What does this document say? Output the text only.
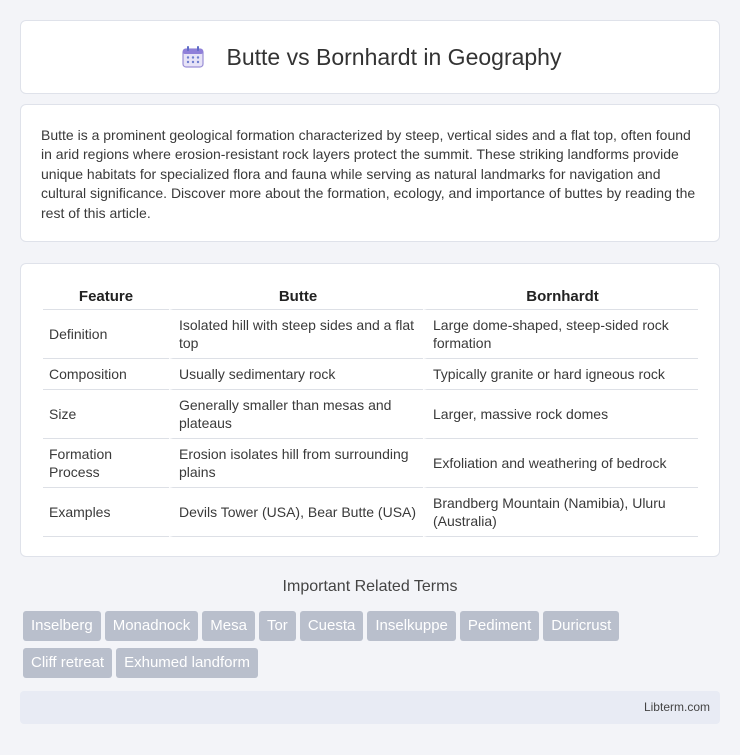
Butte vs Bornhardt in Geography

Butte is a prominent geological formation characterized by steep, vertical sides and a flat top, often found in arid regions where erosion-resistant rock layers protect the summit. These striking landforms provide unique habitats for specialized flora and fauna while serving as natural landmarks for navigation and cultural significance. Discover more about the formation, ecology, and importance of buttes by reading the rest of this article.

Feature	Butte	Bornhardt
Definition	Isolated hill with steep sides and a flat top	Large dome-shaped, steep-sided rock formation
Composition	Usually sedimentary rock	Typically granite or hard igneous rock
Size	Generally smaller than mesas and plateaus	Larger, massive rock domes
Formation Process	Erosion isolates hill from surrounding plains	Exfoliation and weathering of bedrock
Examples	Devils Tower (USA), Bear Butte (USA)	Brandberg Mountain (Namibia), Uluru (Australia)
Important Related Terms
Inselberg Monadnock Mesa Tor Cuesta Inselkuppe Pediment DuricrustCliff retreat Exhumed landform
Libterm.com
